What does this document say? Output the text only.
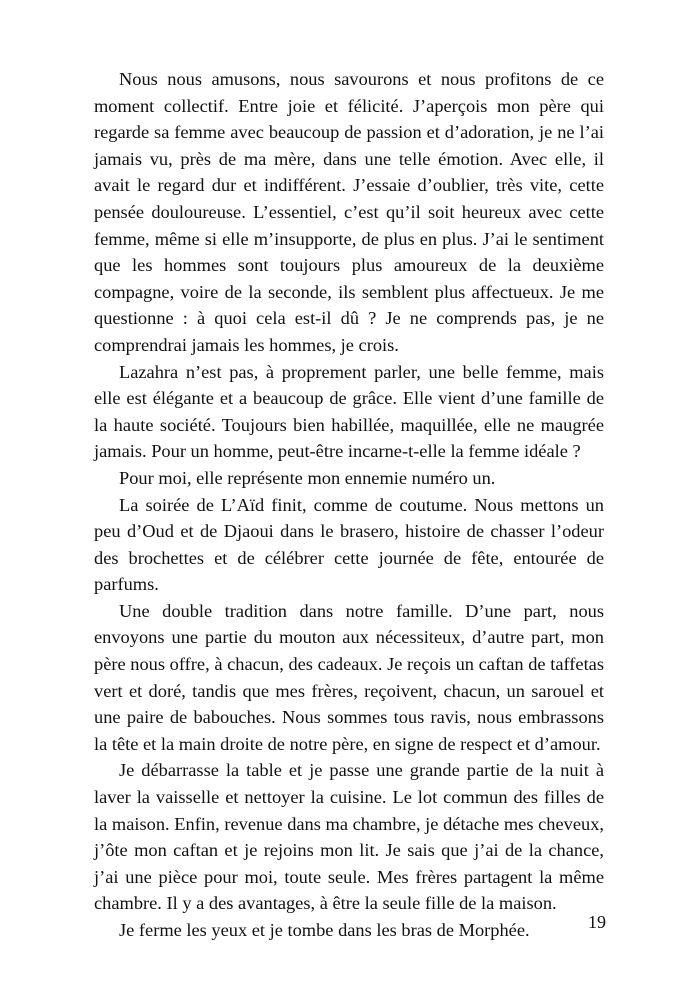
Nous nous amusons, nous savourons et nous profitons de ce moment collectif. Entre joie et félicité. J’aperçois mon père qui regarde sa femme avec beaucoup de passion et d’adoration, je ne l’ai jamais vu, près de ma mère, dans une telle émotion. Avec elle, il avait le regard dur et indifférent. J’essaie d’oublier, très vite, cette pensée douloureuse. L’essentiel, c’est qu’il soit heureux avec cette femme, même si elle m’insupporte, de plus en plus. J’ai le sentiment que les hommes sont toujours plus amoureux de la deuxième compagne, voire de la seconde, ils semblent plus affectueux. Je me questionne : à quoi cela est-il dû ? Je ne comprends pas, je ne comprendrai jamais les hommes, je crois.

Lazahra n’est pas, à proprement parler, une belle femme, mais elle est élégante et a beaucoup de grâce. Elle vient d’une famille de la haute société. Toujours bien habillée, maquillée, elle ne maugrée jamais. Pour un homme, peut-être incarne-t-elle la femme idéale ?

Pour moi, elle représente mon ennemie numéro un.

La soirée de L’Aïd finit, comme de coutume. Nous mettons un peu d’Oud et de Djaoui dans le brasero, histoire de chasser l’odeur des brochettes et de célébrer cette journée de fête, entourée de parfums.

Une double tradition dans notre famille. D’une part, nous envoyons une partie du mouton aux nécessiteux, d’autre part, mon père nous offre, à chacun, des cadeaux. Je reçois un caftan de taffetas vert et doré, tandis que mes frères, reçoivent, chacun, un sarouel et une paire de babouches. Nous sommes tous ravis, nous embrassons la tête et la main droite de notre père, en signe de respect et d’amour.

Je débarrasse la table et je passe une grande partie de la nuit à laver la vaisselle et nettoyer la cuisine. Le lot commun des filles de la maison. Enfin, revenue dans ma chambre, je détache mes cheveux, j’ôte mon caftan et je rejoins mon lit. Je sais que j’ai de la chance, j’ai une pièce pour moi, toute seule. Mes frères partagent la même chambre. Il y a des avantages, à être la seule fille de la maison.

Je ferme les yeux et je tombe dans les bras de Morphée.	19
